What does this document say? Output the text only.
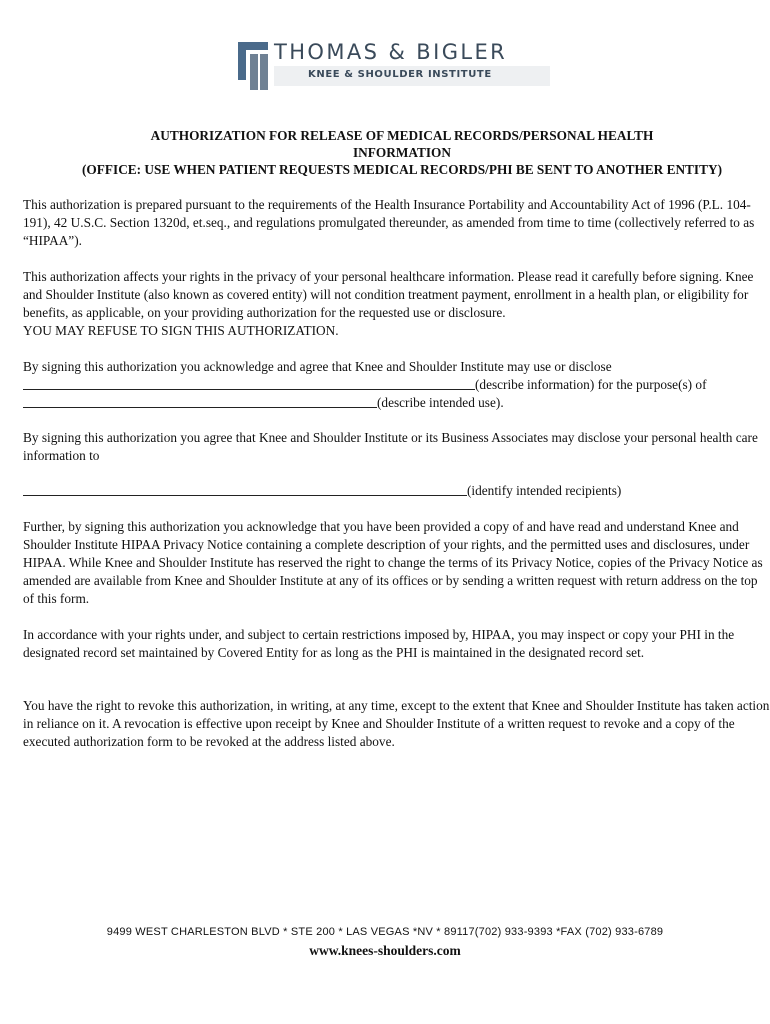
THOMAS & BIGLER
KNEE & SHOULDER INSTITUTE
AUTHORIZATION FOR RELEASE OF MEDICAL RECORDS/PERSONAL HEALTH
INFORMATION
(OFFICE: USE WHEN PATIENT REQUESTS MEDICAL RECORDS/PHI BE SENT TO ANOTHER ENTITY)

This authorization is prepared pursuant to the requirements of the Health Insurance Portability and Accountability Act of 1996 (P.L. 104-191), 42 U.S.C. Section 1320d, et.seq., and regulations promulgated thereunder, as amended from time to time (collectively referred to as “HIPAA”).

This authorization affects your rights in the privacy of your personal healthcare information. Please read it carefully before signing. Knee and Shoulder Institute (also known as covered entity) will not condition treatment payment, enrollment in a health plan, or eligibility for benefits, as applicable, on your providing authorization for the requested use or disclosure.
YOU MAY REFUSE TO SIGN THIS AUTHORIZATION.
By signing this authorization you acknowledge and agree that Knee and Shoulder Institute may use or disclose
(describe information) for the purpose(s) of
(describe intended use).

By signing this authorization you agree that Knee and Shoulder Institute or its Business Associates may disclose your personal health care information to

(identify intended recipients)

Further, by signing this authorization you acknowledge that you have been provided a copy of and have read and understand Knee and Shoulder Institute HIPAA Privacy Notice containing a complete description of your rights, and the permitted uses and disclosures, under HIPAA. While Knee and Shoulder Institute has reserved the right to change the terms of its Privacy Notice, copies of the Privacy Notice as amended are available from Knee and Shoulder Institute at any of its offices or by sending a written request with return address on the top of this form.

In accordance with your rights under, and subject to certain restrictions imposed by, HIPAA, you may inspect or copy your PHI in the designated record set maintained by Covered Entity for as long as the PHI is maintained in the designated record set.

You have the right to revoke this authorization, in writing, at any time, except to the extent that Knee and Shoulder Institute has taken action in reliance on it. A revocation is effective upon receipt by Knee and Shoulder Institute of a written request to revoke and a copy of the executed authorization form to be revoked at the address listed above.

9499 WEST CHARLESTON BLVD * STE 200 * LAS VEGAS *NV * 89117(702) 933-9393 *FAX (702) 933-6789
www.knees-shoulders.com
